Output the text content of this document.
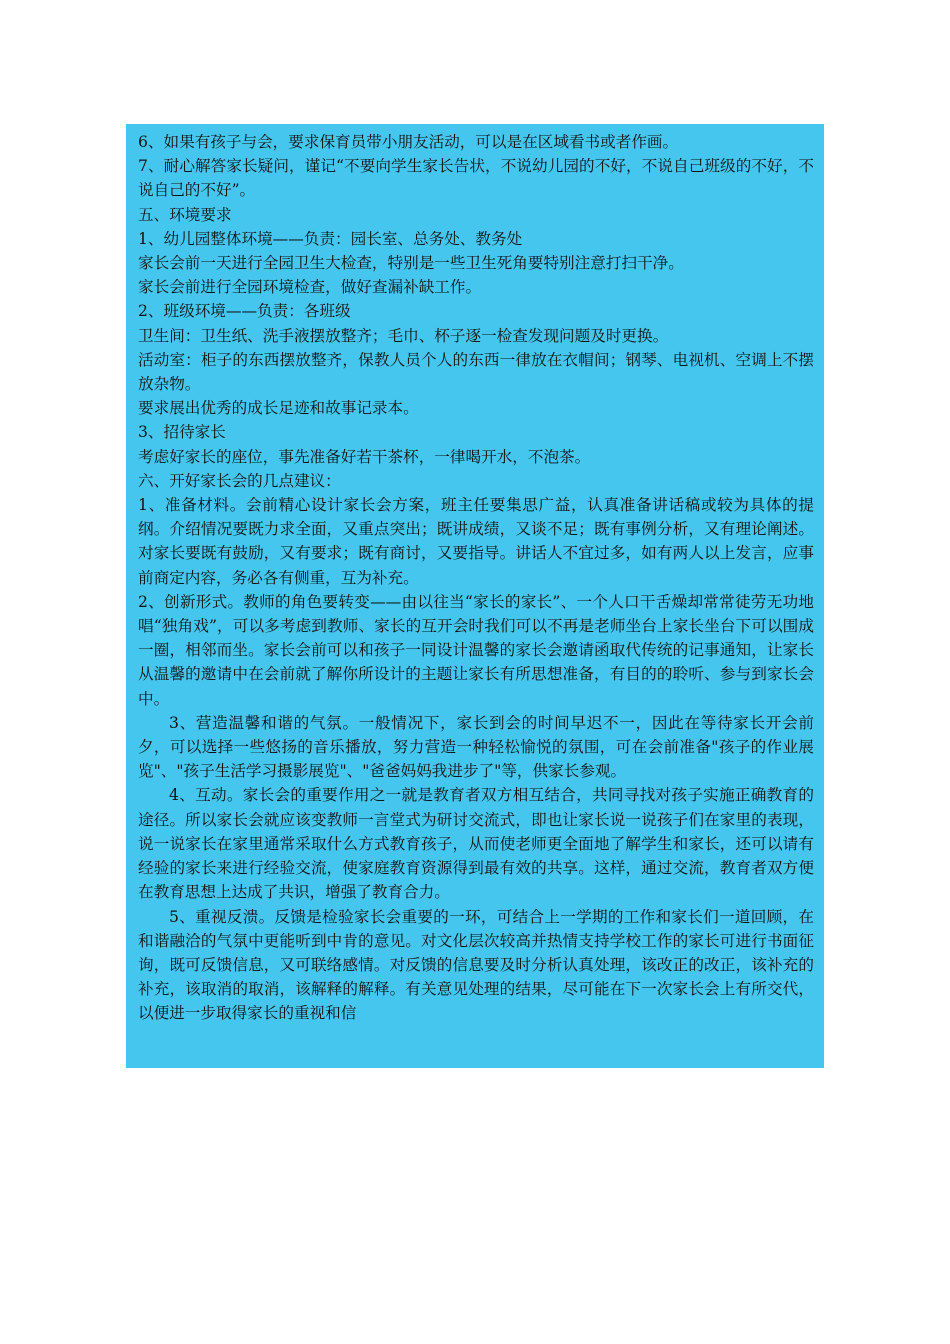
6、如果有孩子与会，要求保育员带小朋友活动，可以是在区域看书或者作画。

7、耐心解答家长疑问，谨记“不要向学生家长告状，不说幼儿园的不好，不说自己班级的不好，不说自己的不好”。

五、环境要求

1、幼儿园整体环境——负责：园长室、总务处、教务处

家长会前一天进行全园卫生大检查，特别是一些卫生死角要特别注意打扫干净。

家长会前进行全园环境检查，做好查漏补缺工作。

2、班级环境——负责：各班级

卫生间：卫生纸、洗手液摆放整齐；毛巾、杯子逐一检查发现问题及时更换。

活动室：柜子的东西摆放整齐，保教人员个人的东西一律放在衣帽间；钢琴、电视机、空调上不摆放杂物。

要求展出优秀的成长足迹和故事记录本。

3、招待家长

考虑好家长的座位，事先准备好若干茶杯，一律喝开水，不泡茶。

六、开好家长会的几点建议：

1、准备材料。会前精心设计家长会方案，班主任要集思广益，认真准备讲话稿或较为具体的提纲。介绍情况要既力求全面，又重点突出；既讲成绩，又谈不足；既有事例分析，又有理论阐述。对家长要既有鼓励，又有要求；既有商讨，又要指导。讲话人不宜过多，如有两人以上发言，应事前商定内容，务必各有侧重，互为补充。

2、创新形式。教师的角色要转变——由以往当“家长的家长”、一个人口干舌燥却常常徒劳无功地唱“独角戏”，可以多考虑到教师、家长的互开会时我们可以不再是老师坐台上家长坐台下可以围成一圈，相邻而坐。家长会前可以和孩子一同设计温馨的家长会邀请函取代传统的记事通知，让家长从温馨的邀请中在会前就了解你所设计的主题让家长有所思想准备，有目的的聆听、参与到家长会中。

3、营造温馨和谐的气氛。一般情况下，家长到会的时间早迟不一，因此在等待家长开会前夕，可以选择一些悠扬的音乐播放，努力营造一种轻松愉悦的氛围，可在会前准备"孩子的作业展览"、"孩子生活学习摄影展览"、"爸爸妈妈我进步了"等，供家长参观。

4、互动。家长会的重要作用之一就是教育者双方相互结合，共同寻找对孩子实施正确教育的途径。所以家长会就应该变教师一言堂式为研讨交流式，即也让家长说一说孩子们在家里的表现，说一说家长在家里通常采取什么方式教育孩子，从而使老师更全面地了解学生和家长，还可以请有经验的家长来进行经验交流，使家庭教育资源得到最有效的共享。这样，通过交流，教育者双方便在教育思想上达成了共识，增强了教育合力。

5、重视反溃。反馈是检验家长会重要的一环，可结合上一学期的工作和家长们一道回顾，在和谐融洽的气氛中更能听到中肯的意见。对文化层次较高并热情支持学校工作的家长可进行书面征询，既可反馈信息，又可联络感情。对反馈的信息要及时分析认真处理，该改正的改正，该补充的补充，该取消的取消，该解释的解释。有关意见处理的结果，尽可能在下一次家长会上有所交代，以便进一步取得家长的重视和信
